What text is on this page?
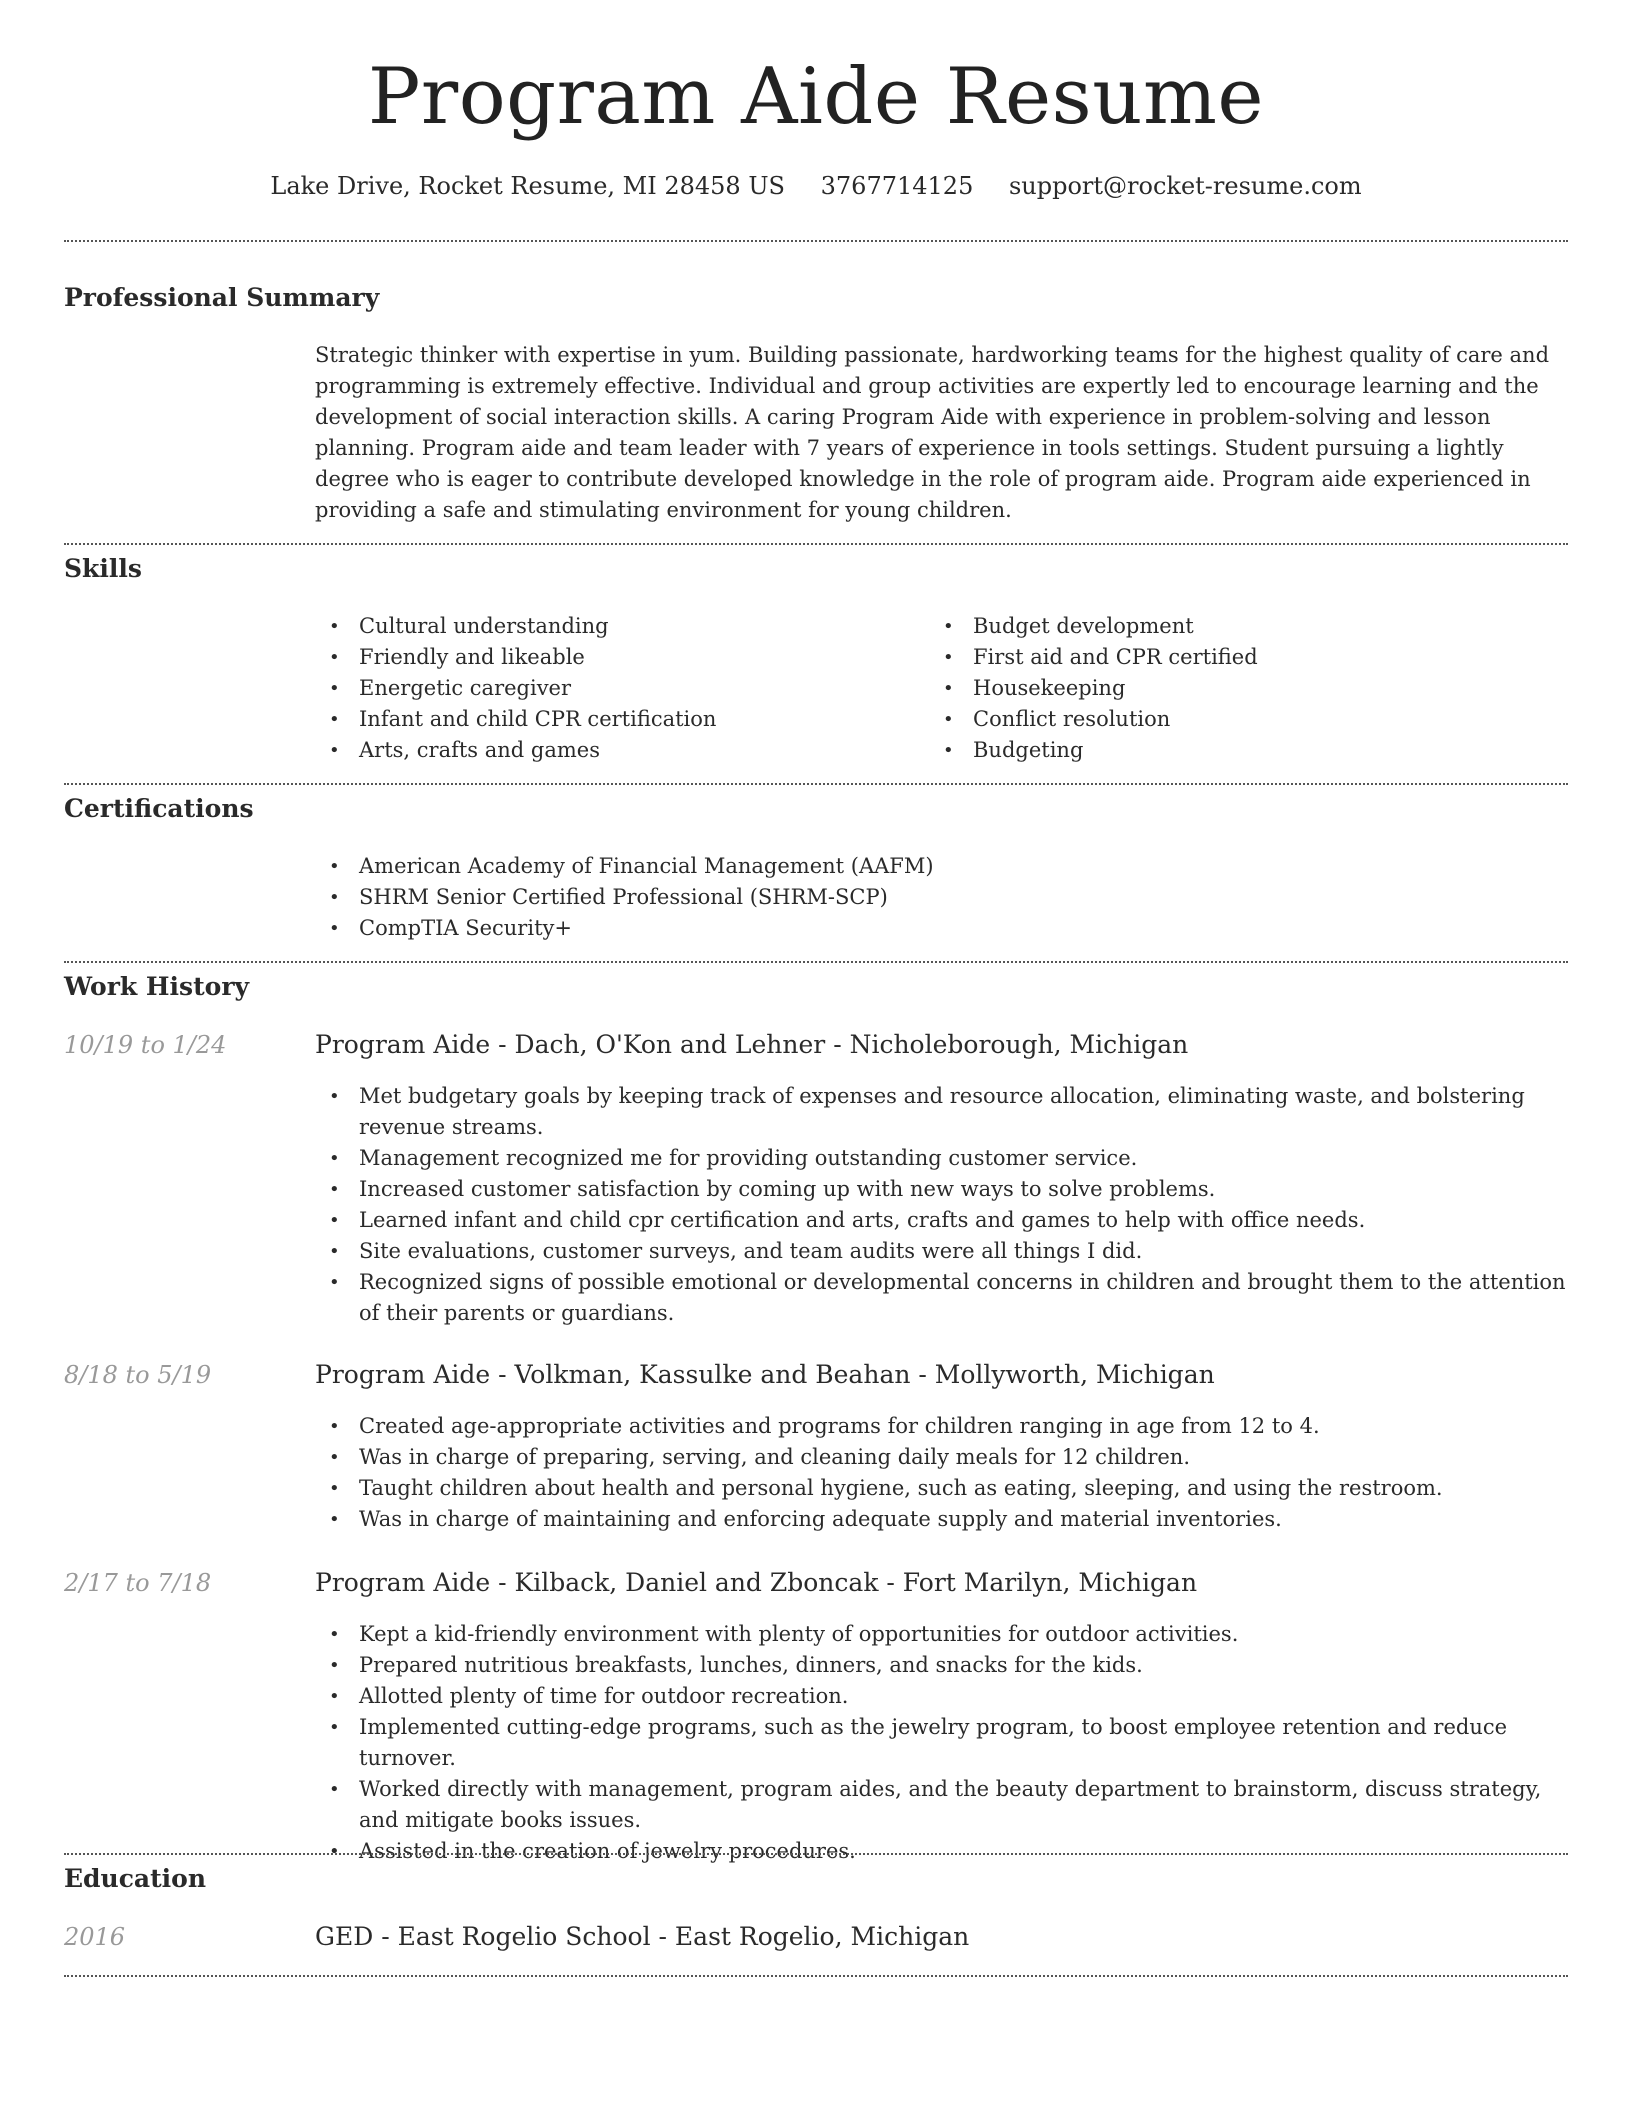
Program Aide Resume
Lake Drive, Rocket Resume, MI 28458 US 3767714125 support@rocket-resume.com
Professional Summary

Strategic thinker with expertise in yum. Building passionate, hardworking teams for the highest quality of care and programming is extremely effective. Individual and group activities are expertly led to encourage learning and the development of social interaction skills. A caring Program Aide with experience in problem-solving and lesson planning. Program aide and team leader with 7 years of experience in tools settings. Student pursuing a lightly degree who is eager to contribute developed knowledge in the role of program aide. Program aide experienced in providing a safe and stimulating environment for young children.

Skills
• Cultural understanding
• Friendly and likeable
• Energetic caregiver
• Infant and child CPR certification
• Arts, crafts and games
• Budget development
• First aid and CPR certified
• Housekeeping
• Conflict resolution
• Budgeting
Certifications
• American Academy of Financial Management (AAFM)
• SHRM Senior Certified Professional (SHRM-SCP)
• CompTIA Security+
Work History
10/19 to 1/24	Program Aide - Dach, O'Kon and Lehner - Nicholeborough, Michigan
• Met budgetary goals by keeping track of expenses and resource allocation, eliminating waste, and bolstering revenue streams.
• Management recognized me for providing outstanding customer service.
• Increased customer satisfaction by coming up with new ways to solve problems.
• Learned infant and child cpr certification and arts, crafts and games to help with office needs.
• Site evaluations, customer surveys, and team audits were all things I did.
• Recognized signs of possible emotional or developmental concerns in children and brought them to the attention of their parents or guardians.
8/18 to 5/19	Program Aide - Volkman, Kassulke and Beahan - Mollyworth, Michigan
• Created age-appropriate activities and programs for children ranging in age from 12 to 4.
• Was in charge of preparing, serving, and cleaning daily meals for 12 children.
• Taught children about health and personal hygiene, such as eating, sleeping, and using the restroom.
• Was in charge of maintaining and enforcing adequate supply and material inventories.
2/17 to 7/18	Program Aide - Kilback, Daniel and Zboncak - Fort Marilyn, Michigan
• Kept a kid-friendly environment with plenty of opportunities for outdoor activities.
• Prepared nutritious breakfasts, lunches, dinners, and snacks for the kids.
• Allotted plenty of time for outdoor recreation.
• Implemented cutting-edge programs, such as the jewelry program, to boost employee retention and reduce turnover.
• Worked directly with management, program aides, and the beauty department to brainstorm, discuss strategy, and mitigate books issues.
• Assisted in the creation of jewelry procedures.
Education
2016	GED - East Rogelio School - East Rogelio, Michigan
